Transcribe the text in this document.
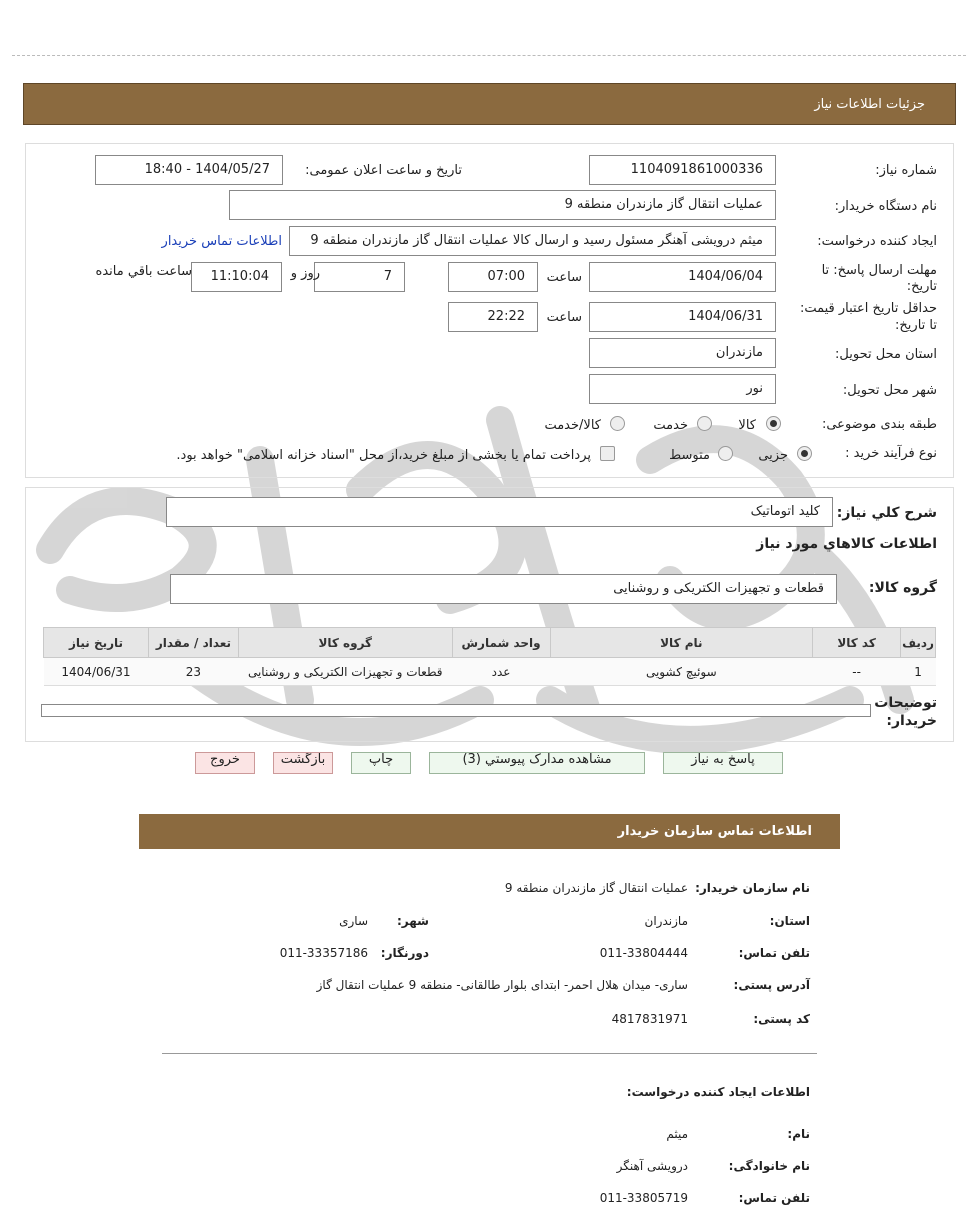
جزئیات اطلاعات نیاز
شماره نیاز:
1104091861000336
تاریخ و ساعت اعلان عمومی:
1404/05/27 - 18:40
نام دستگاه خریدار:
عملیات انتقال گاز مازندران منطقه 9
ایجاد کننده درخواست:
میثم درویشی آهنگر مسئول رسید و ارسال کالا عملیات انتقال گاز مازندران منطقه 9
اطلاعات تماس خریدار
مهلت ارسال پاسخ: تا
تاریخ:
1404/06/04
ساعت
07:00
7
روز و
11:10:04
ساعت باقي مانده
حداقل تاریخ اعتبار قیمت:
تا تاریخ:
1404/06/31
ساعت
22:22
استان محل تحویل:
مازندران
شهر محل تحویل:
نور
طبقه بندی موضوعی:
کالا
خدمت
کالا/خدمت
نوع فرآیند خرید :
جزیی
متوسط
پرداخت تمام یا بخشی از مبلغ خرید،از محل "اسناد خزانه اسلامی" خواهد بود.
شرح کلي نیاز:
کلید اتوماتیک
اطلاعات کالاهاي مورد نیاز
گروه کالا:
قطعات و تجهیزات الکتریکی و روشنایی
ردیف	کد کالا	نام کالا	واحد شمارش	گروه کالا	تعداد / مقدار	تاریخ نیاز
1	--	سوئیچ کشویی	عدد	قطعات و تجهیزات الکتریکی و روشنایی	23	1404/06/31
توضیحات خریدار:
پاسخ به نیاز
مشاهده مدارک پیوستي (3)
چاپ
بازگشت
خروج
اطلاعات تماس سازمان خریدار
نام سازمان خریدار:
عملیات انتقال گاز مازندران منطقه 9
استان:
مازندران
شهر:
ساری
تلفن تماس:
011-33804444
دورنگار:
011-33357186
آدرس پستی:
ساری- میدان هلال احمر- ابتدای بلوار طالقانی- منطقه 9 عملیات انتقال گاز
کد پستی:
4817831971
اطلاعات ایجاد کننده درخواست:
نام:
میثم
نام خانوادگی:
درویشی آهنگر
تلفن تماس:
011-33805719
